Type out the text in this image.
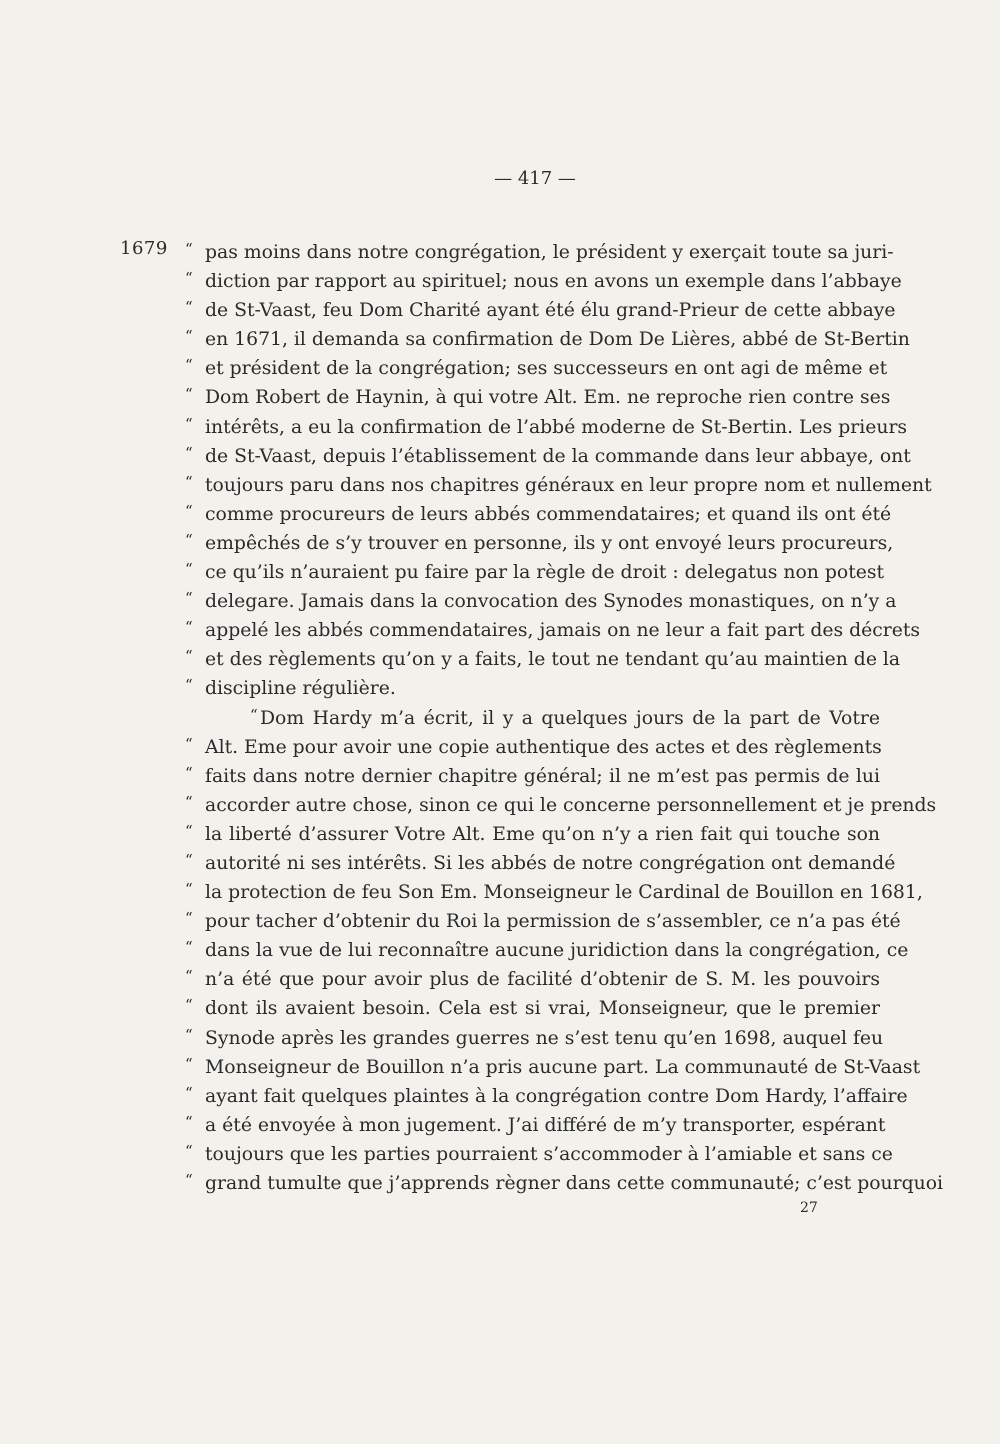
— 417 —
1679 “ pas moins dans notre congrégation, le président y exerçait toute sa juri-
“ diction par rapport au spirituel; nous en avons un exemple dans l’abbaye
“ de St-Vaast, feu Dom Charité ayant été élu grand-Prieur de cette abbaye
“ en 1671, il demanda sa confirmation de Dom De Lières, abbé de St-Bertin
“ et président de la congrégation; ses successeurs en ont agi de même et
“ Dom Robert de Haynin, à qui votre Alt. Em. ne reproche rien contre ses
“ intérêts, a eu la confirmation de l’abbé moderne de St-Bertin. Les prieurs
“ de St-Vaast, depuis l’établissement de la commande dans leur abbaye, ont
“ toujours paru dans nos chapitres généraux en leur propre nom et nullement
“ comme procureurs de leurs abbés commendataires; et quand ils ont été
“ empêchés de s’y trouver en personne, ils y ont envoyé leurs procureurs,
“ ce qu’ils n’auraient pu faire par la règle de droit : delegatus non potest
“ delegare. Jamais dans la convocation des Synodes monastiques, on n’y a
“ appelé les abbés commendataires, jamais on ne leur a fait part des décrets
“ et des règlements qu’on y a faits, le tout ne tendant qu’au maintien de la
“ discipline régulière.
“ Dom Hardy m’a écrit, il y a quelques jours de la part de Votre
“ Alt. Eme pour avoir une copie authentique des actes et des règlements
“ faits dans notre dernier chapitre général; il ne m’est pas permis de lui
“ accorder autre chose, sinon ce qui le concerne personnellement et je prends
“ la liberté d’assurer Votre Alt. Eme qu’on n’y a rien fait qui touche son
“ autorité ni ses intérêts. Si les abbés de notre congrégation ont demandé
“ la protection de feu Son Em. Monseigneur le Cardinal de Bouillon en 1681,
“ pour tacher d’obtenir du Roi la permission de s’assembler, ce n’a pas été
“ dans la vue de lui reconnaître aucune juridiction dans la congrégation, ce
“ n’a été que pour avoir plus de facilité d’obtenir de S. M. les pouvoirs
“ dont ils avaient besoin. Cela est si vrai, Monseigneur, que le premier
“ Synode après les grandes guerres ne s’est tenu qu’en 1698, auquel feu
“ Monseigneur de Bouillon n’a pris aucune part. La communauté de St-Vaast
“ ayant fait quelques plaintes à la congrégation contre Dom Hardy, l’affaire
“ a été envoyée à mon jugement. J’ai différé de m’y transporter, espérant
“ toujours que les parties pourraient s’accommoder à l’amiable et sans ce
“ grand tumulte que j’apprends règner dans cette communauté; c’est pourquoi
27
